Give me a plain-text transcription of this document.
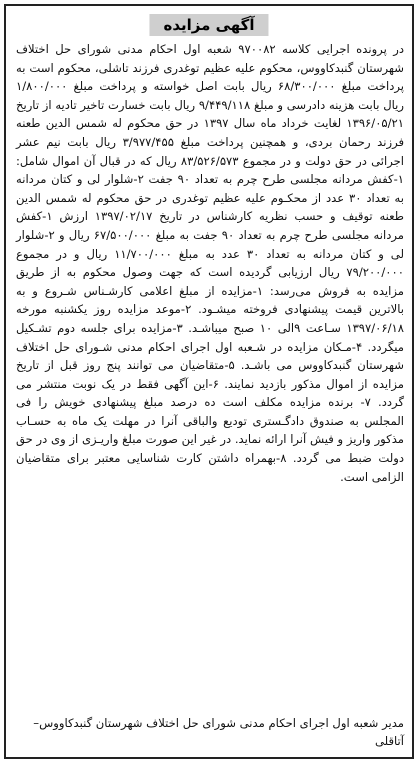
آگهی مزایده

در پرونده اجرایی کلاسه ۹۷۰۰۸۲ شعبه اول احکام مدنی شورای حل اختلاف شهرستان گنبدکاووس، محکوم علیه عظیم توغدری فرزند تاشلی، محکوم است به پرداخت مبلغ ۶۸/۳۰۰/۰۰۰ ریال بابت اصل خواسته و پرداخت مبلغ ۱/۸۰۰/۰۰۰ ریال بابت هزینه دادرسی و مبلغ ۹/۴۴۹/۱۱۸ ریال بابت خسارت تاخیر تادیه از تاریخ ۱۳۹۶/۰۵/۲۱ لغایت خرداد ماه سال ۱۳۹۷ در حق محکوم له شمس الدین طعنه فرزند رحمان بردی، و همچنین پرداخت مبلغ ۳/۹۷۷/۴۵۵ ریال بابت نیم عشر اجرائی در حق دولت و در مجموع ۸۳/۵۲۶/۵۷۳ ریال که در قبال آن اموال شامل: ۱-کفش مردانه مجلسی طرح چرم به تعداد ۹۰ جفت ۲-شلوار لی و کتان مردانه به تعداد ۳۰ عدد از محکـوم علیه عظیم توغدری در حق محکوم له شمس الدین طعنه توقیف و حسب نظریه کارشناس در تاریخ ۱۳۹۷/۰۲/۱۷ ارزش ۱-کفش مردانه مجلسی طرح چرم به تعداد ۹۰ جفت به مبلغ ۶۷/۵۰۰/۰۰۰ ریال و ۲-شلوار لی و کتان مردانه به تعداد ۳۰ عدد به مبلغ ۱۱/۷۰۰/۰۰۰ ریال و در مجموع ۷۹/۲۰۰/۰۰۰ ریال ارزیابی گردیده است که جهت وصول محکوم به از طریق مزایده به فروش می‌رسد: ۱-مزایده از مبلغ اعلامی کارشـناس شـروع و به بالاترین قیمت پیشنهادی فروخته میشـود. ۲-موعد مزایده روز یکشنبه مورخه ۱۳۹۷/۰۶/۱۸ سـاعت ۹الی ۱۰ صبح میباشـد. ۳-مزایده برای جلسه دوم تشـکیل میگردد. ۴-مـکان مزایده در شـعبه اول اجرای احکام مدنی شـورای حل اختلاف شهرستان گنبدکاووس می باشـد. ۵-متقاضیان می توانند پنج روز قبل از تاریخ مزایده از اموال مذکور بازدید نمایند. ۶-این آگهی فقط در یک نوبت منتشر می گردد. ۷- برنده مزایده مکلف است ده درصد مبلغ پیشنهادی خویش را فی المجلس به صندوق دادگـستری تودیع والباقی آنرا در مهلت یک ماه به حسـاب مذکور واریز و فیش آنرا ارائه نماید. در غیر این صورت مبلغ واریـزی از وی در حق دولت ضبط می گردد. ۸-بهمراه داشتن کارت شناسایی معتبر برای متقاضیان الزامی است.

مدیر شعبه اول اجرای احکام مدنی شورای حل اختلاف شهرستان گنبدکاووس–آتاقلی
